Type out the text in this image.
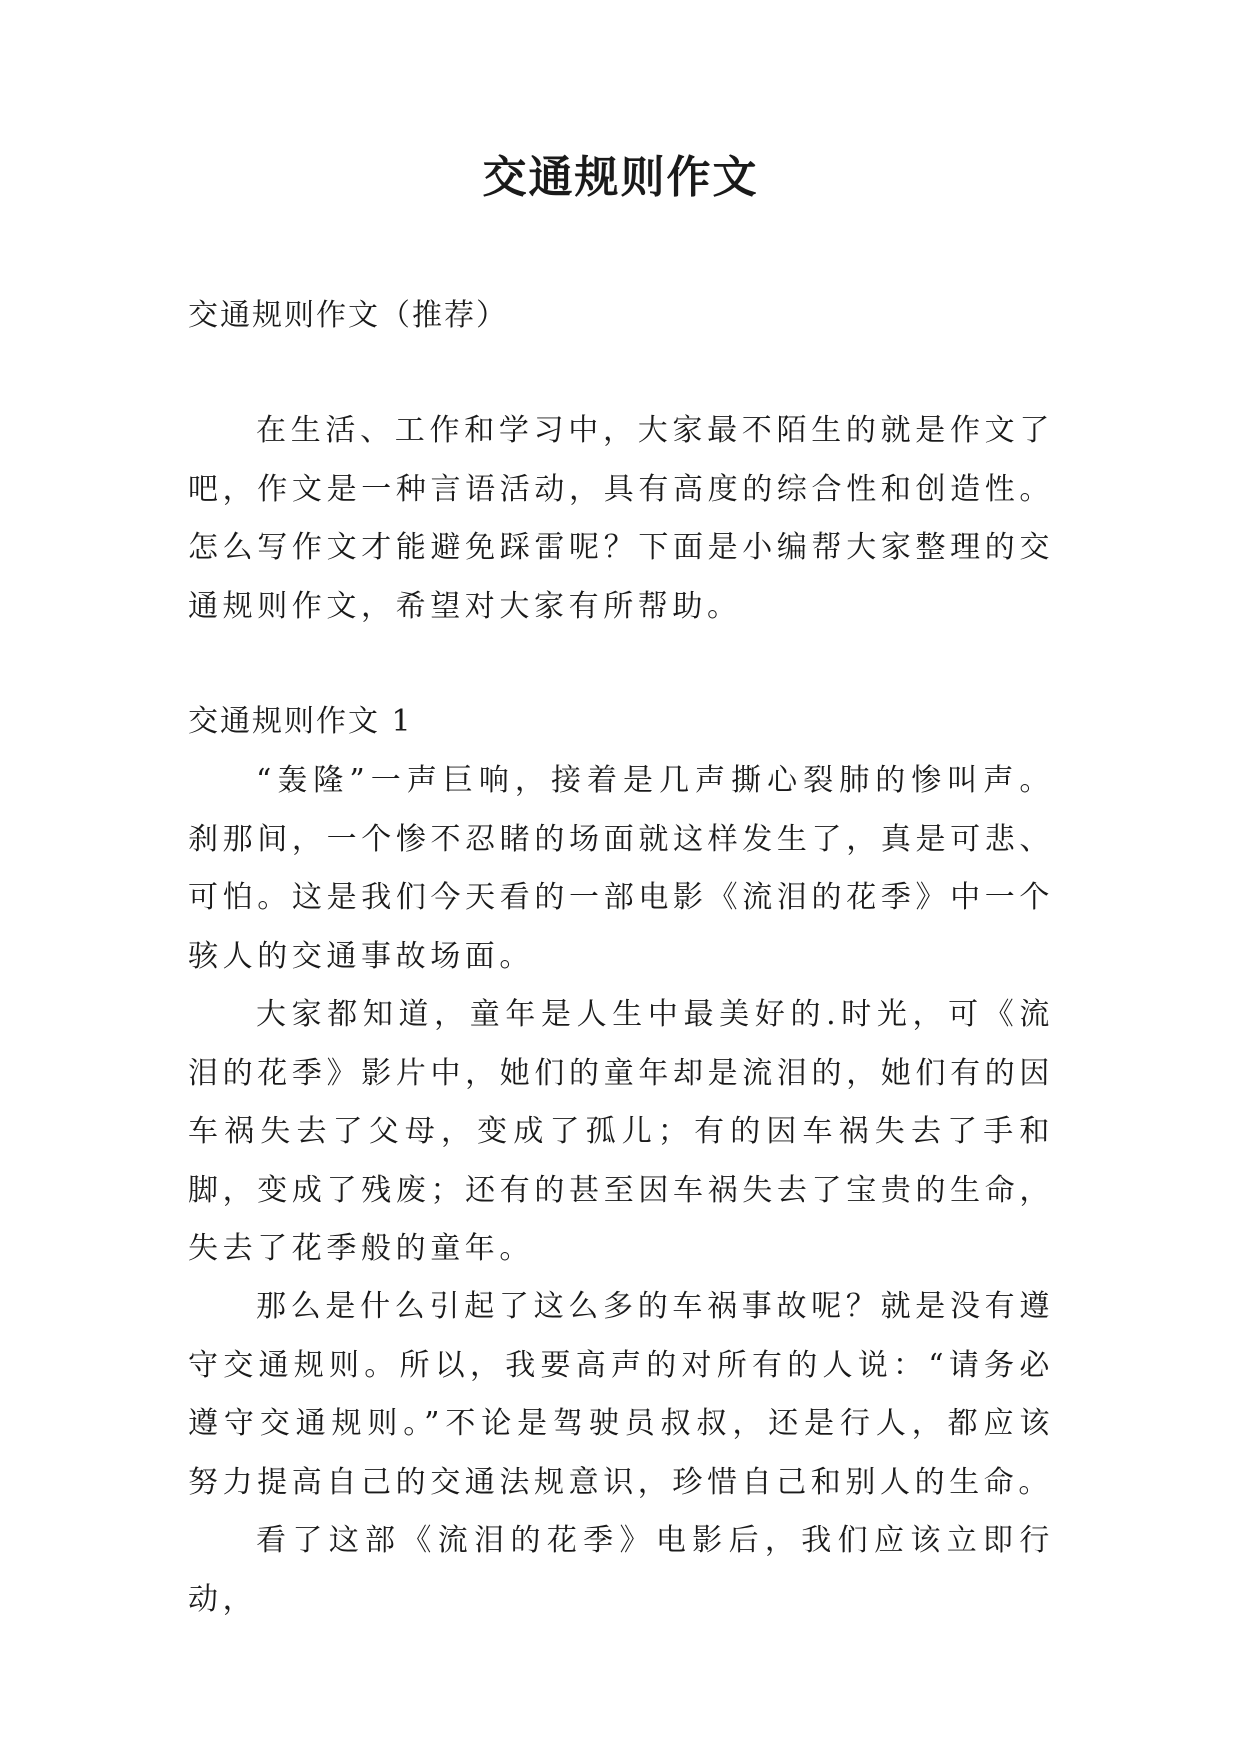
交通规则作文
交通规则作文（推荐）

在生活、工作和学习中，大家最不陌生的就是作文了吧，作文是一种言语活动，具有高度的综合性和创造性。怎么写作文才能避免踩雷呢？下面是小编帮大家整理的交通规则作文，希望对大家有所帮助。

交通规则作文 1

“轰隆”一声巨响，接着是几声撕心裂肺的惨叫声。刹那间，一个惨不忍睹的场面就这样发生了，真是可悲、可怕。这是我们今天看的一部电影《流泪的花季》中一个骇人的交通事故场面。

大家都知道，童年是人生中最美好的.时光，可《流泪的花季》影片中，她们的童年却是流泪的，她们有的因车祸失去了父母，变成了孤儿；有的因车祸失去了手和脚，变成了残废；还有的甚至因车祸失去了宝贵的生命，失去了花季般的童年。

那么是什么引起了这么多的车祸事故呢？就是没有遵守交通规则。所以，我要高声的对所有的人说：“请务必遵守交通规则。”不论是驾驶员叔叔，还是行人，都应该努力提高自己的交通法规意识，珍惜自己和别人的生命。

看了这部《流泪的花季》电影后，我们应该立即行动，
